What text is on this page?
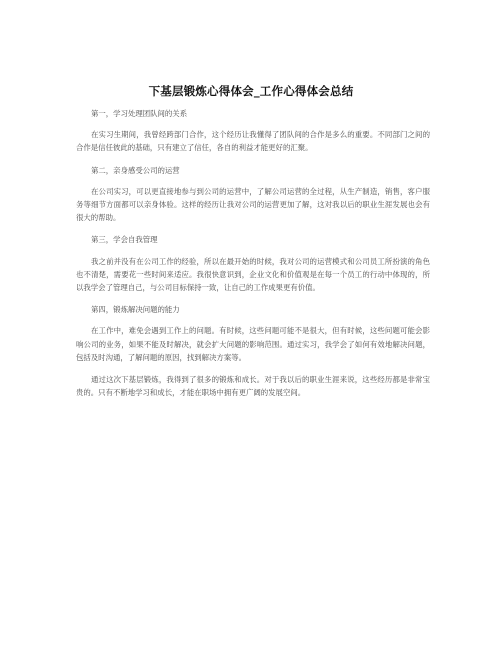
下基层锻炼心得体会_工作心得体会总结
第一，学习处理团队间的关系
在实习生期间，我曾经跨部门合作，这个经历让我懂得了团队间的合作是多么的重要。不同部门之间的合作是信任彼此的基础，只有建立了信任，各自的利益才能更好的汇聚。
第二，亲身感受公司的运营
在公司实习，可以更直接地参与到公司的运营中，了解公司运营的全过程，从生产制造，销售，客户服务等细节方面都可以亲身体验。这样的经历让我对公司的运营更加了解，这对我以后的职业生涯发展也会有很大的帮助。
第三，学会自我管理
我之前并没有在公司工作的经验，所以在最开始的时候，我对公司的运营模式和公司员工所扮演的角色也不清楚，需要花一些时间来适应。我很快意识到，企业文化和价值观是在每一个员工的行动中体现的，所以我学会了管理自己，与公司目标保持一致，让自己的工作成果更有价值。
第四，锻炼解决问题的能力
在工作中，难免会遇到工作上的问题。有时候，这些问题可能不是很大，但有时候，这些问题可能会影响公司的业务，如果不能及时解决，就会扩大问题的影响范围。通过实习，我学会了如何有效地解决问题，包括及时沟通，了解问题的原因，找到解决方案等。
通过这次下基层锻炼，我得到了很多的锻炼和成长。对于我以后的职业生涯来说，这些经历都是非常宝贵的。只有不断地学习和成长，才能在职场中拥有更广阔的发展空间。
